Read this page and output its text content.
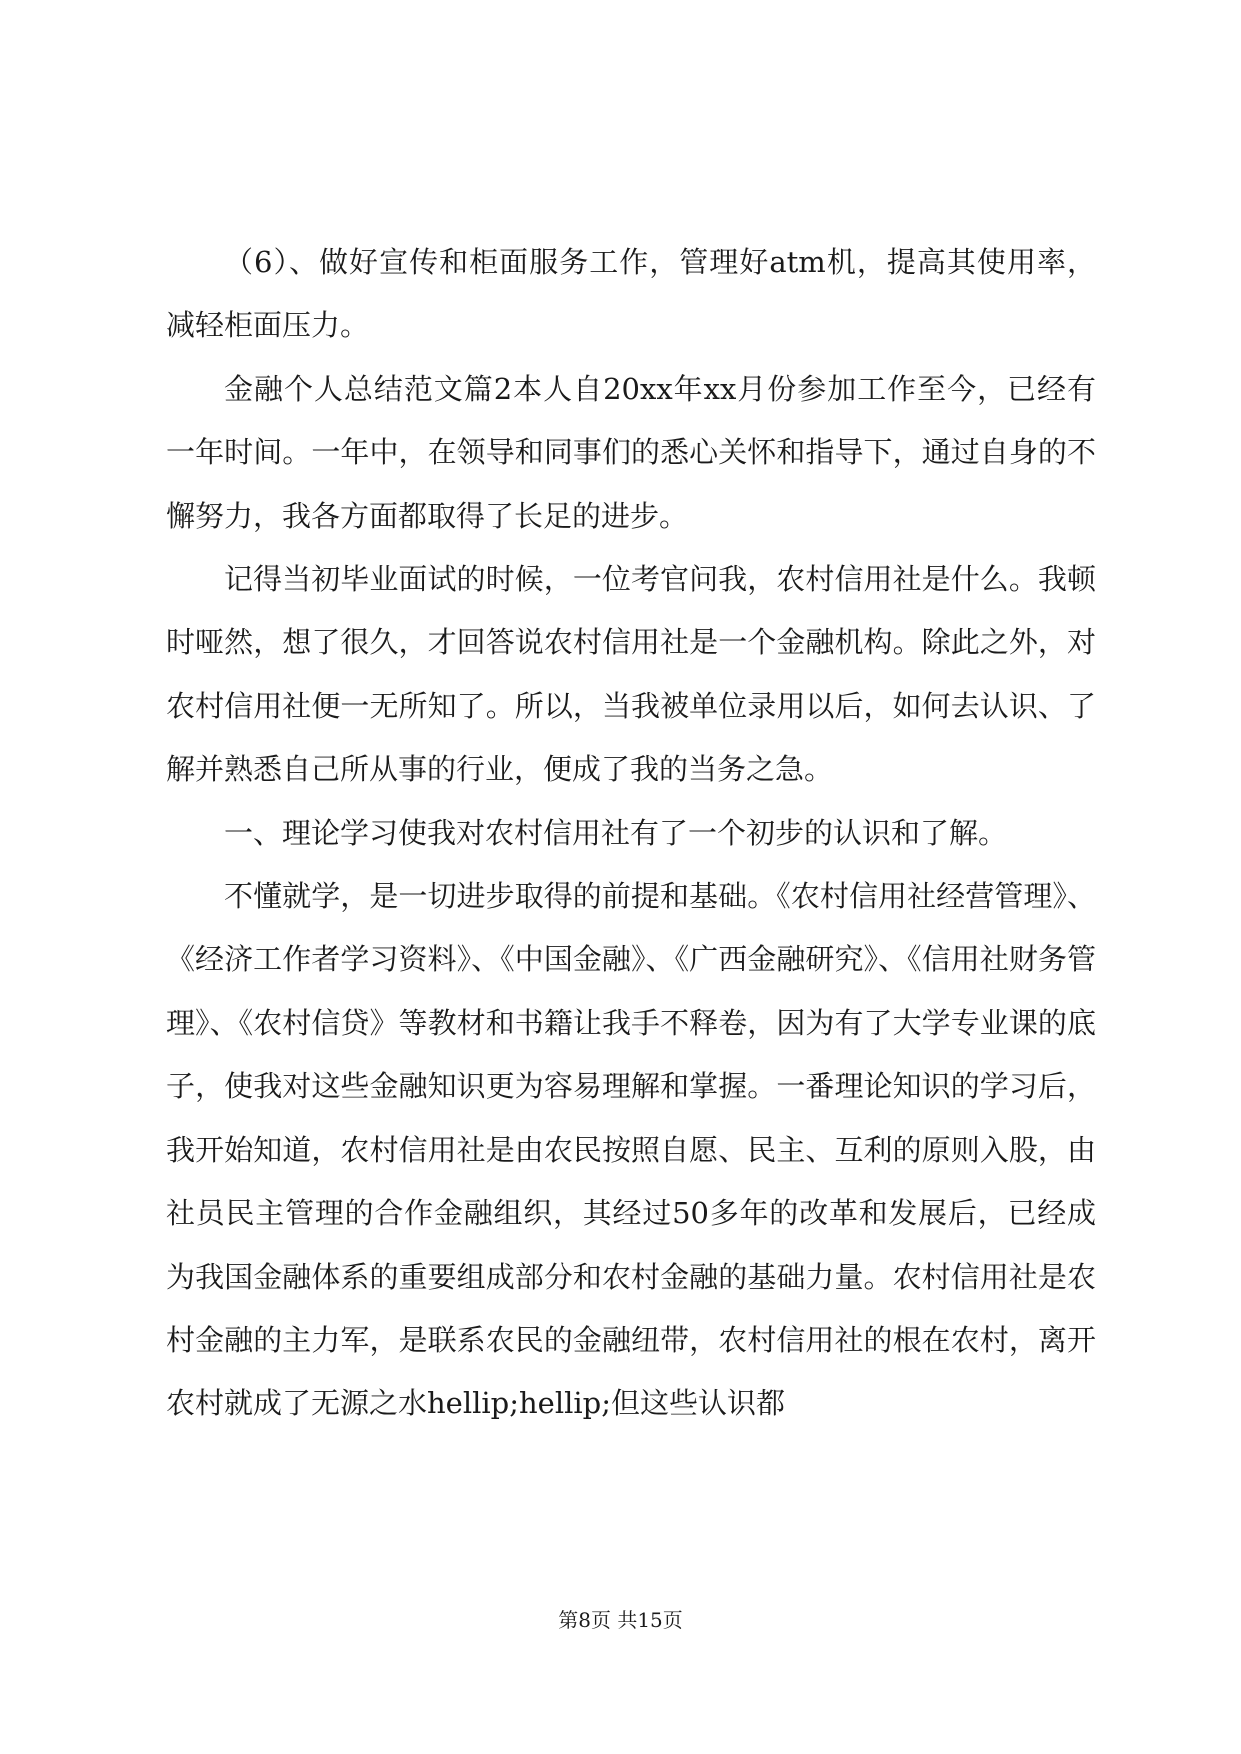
（6）、做好宣传和柜面服务工作，管理好atm机，提高其使用率，减轻柜面压力。

金融个人总结范文篇2本人自20xx年xx月份参加工作至今，已经有一年时间。一年中，在领导和同事们的悉心关怀和指导下，通过自身的不懈努力，我各方面都取得了长足的进步。

记得当初毕业面试的时候，一位考官问我，农村信用社是什么。我顿时哑然，想了很久，才回答说农村信用社是一个金融机构。除此之外，对农村信用社便一无所知了。所以，当我被单位录用以后，如何去认识、了解并熟悉自己所从事的行业，便成了我的当务之急。

一、理论学习使我对农村信用社有了一个初步的认识和了解。

不懂就学，是一切进步取得的前提和基础。《农村信用社经营管理》、《经济工作者学习资料》、《中国金融》、《广西金融研究》、《信用社财务管理》、《农村信贷》等教材和书籍让我手不释卷，因为有了大学专业课的底子，使我对这些金融知识更为容易理解和掌握。一番理论知识的学习后，我开始知道，农村信用社是由农民按照自愿、民主、互利的原则入股，由社员民主管理的合作金融组织，其经过50多年的改革和发展后，已经成为我国金融体系的重要组成部分和农村金融的基础力量。农村信用社是农村金融的主力军，是联系农民的金融纽带，农村信用社的根在农村，离开农村就成了无源之水hellip;hellip;但这些认识都

第8页 共15页
